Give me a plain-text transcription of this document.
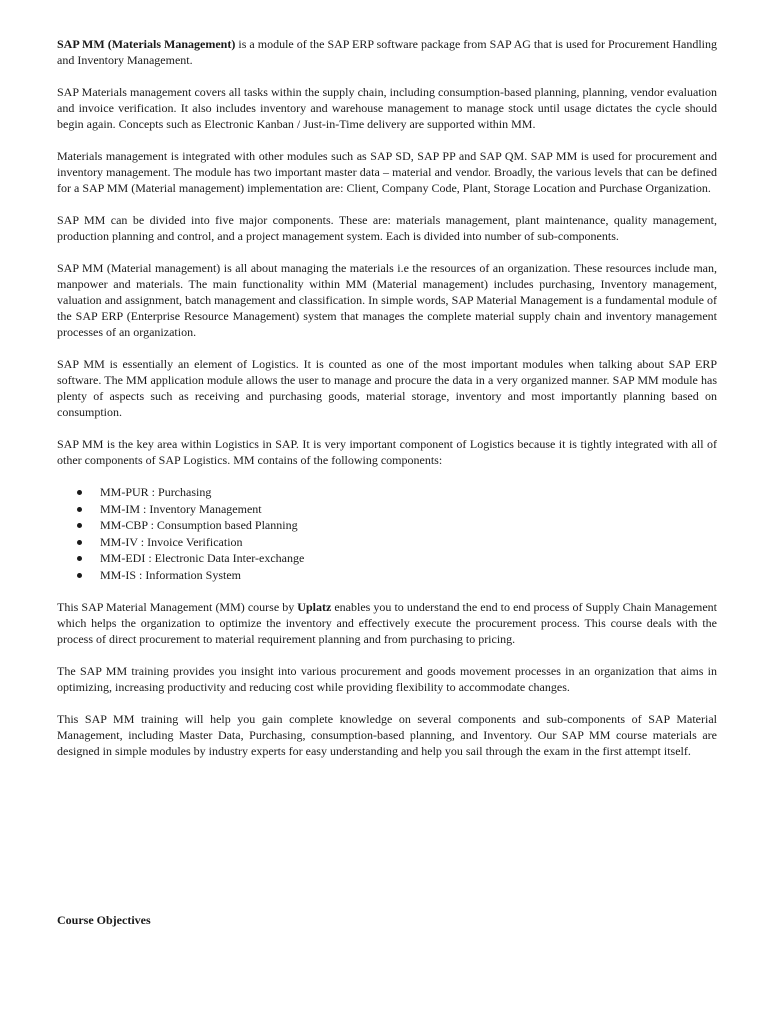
SAP MM (Materials Management) is a module of the SAP ERP software package from SAP AG that is used for Procurement Handling and Inventory Management.

SAP Materials management covers all tasks within the supply chain, including consumption-based planning, planning, vendor evaluation and invoice verification. It also includes inventory and warehouse management to manage stock until usage dictates the cycle should begin again. Concepts such as Electronic Kanban / Just-in-Time delivery are supported within MM.

Materials management is integrated with other modules such as SAP SD, SAP PP and SAP QM. SAP MM is used for procurement and inventory management. The module has two important master data – material and vendor. Broadly, the various levels that can be defined for a SAP MM (Material management) implementation are: Client, Company Code, Plant, Storage Location and Purchase Organization.

SAP MM can be divided into five major components. These are: materials management, plant maintenance, quality management, production planning and control, and a project management system. Each is divided into number of sub-components.

SAP MM (Material management) is all about managing the materials i.e the resources of an organization. These resources include man, manpower and materials. The main functionality within MM (Material management) includes purchasing, Inventory management, valuation and assignment, batch management and classification. In simple words, SAP Material Management is a fundamental module of the SAP ERP (Enterprise Resource Management) system that manages the complete material supply chain and inventory management processes of an organization.

SAP MM is essentially an element of Logistics. It is counted as one of the most important modules when talking about SAP ERP software. The MM application module allows the user to manage and procure the data in a very organized manner. SAP MM module has plenty of aspects such as receiving and purchasing goods, material storage, inventory and most importantly planning based on consumption.

SAP MM is the key area within Logistics in SAP. It is very important component of Logistics because it is tightly integrated with all of other components of SAP Logistics. MM contains of the following components:

MM-PUR : Purchasing
MM-IM : Inventory Management
MM-CBP : Consumption based Planning
MM-IV : Invoice Verification
MM-EDI : Electronic Data Inter-exchange
MM-IS : Information System

This SAP Material Management (MM) course by Uplatz enables you to understand the end to end process of Supply Chain Management which helps the organization to optimize the inventory and effectively execute the procurement process. This course deals with the process of direct procurement to material requirement planning and from purchasing to pricing.

The SAP MM training provides you insight into various procurement and goods movement processes in an organization that aims in optimizing, increasing productivity and reducing cost while providing flexibility to accommodate changes.

This SAP MM training will help you gain complete knowledge on several components and sub-components of SAP Material Management, including Master Data, Purchasing, consumption-based planning, and Inventory. Our SAP MM course materials are designed in simple modules by industry experts for easy understanding and help you sail through the exam in the first attempt itself.

Course Objectives
